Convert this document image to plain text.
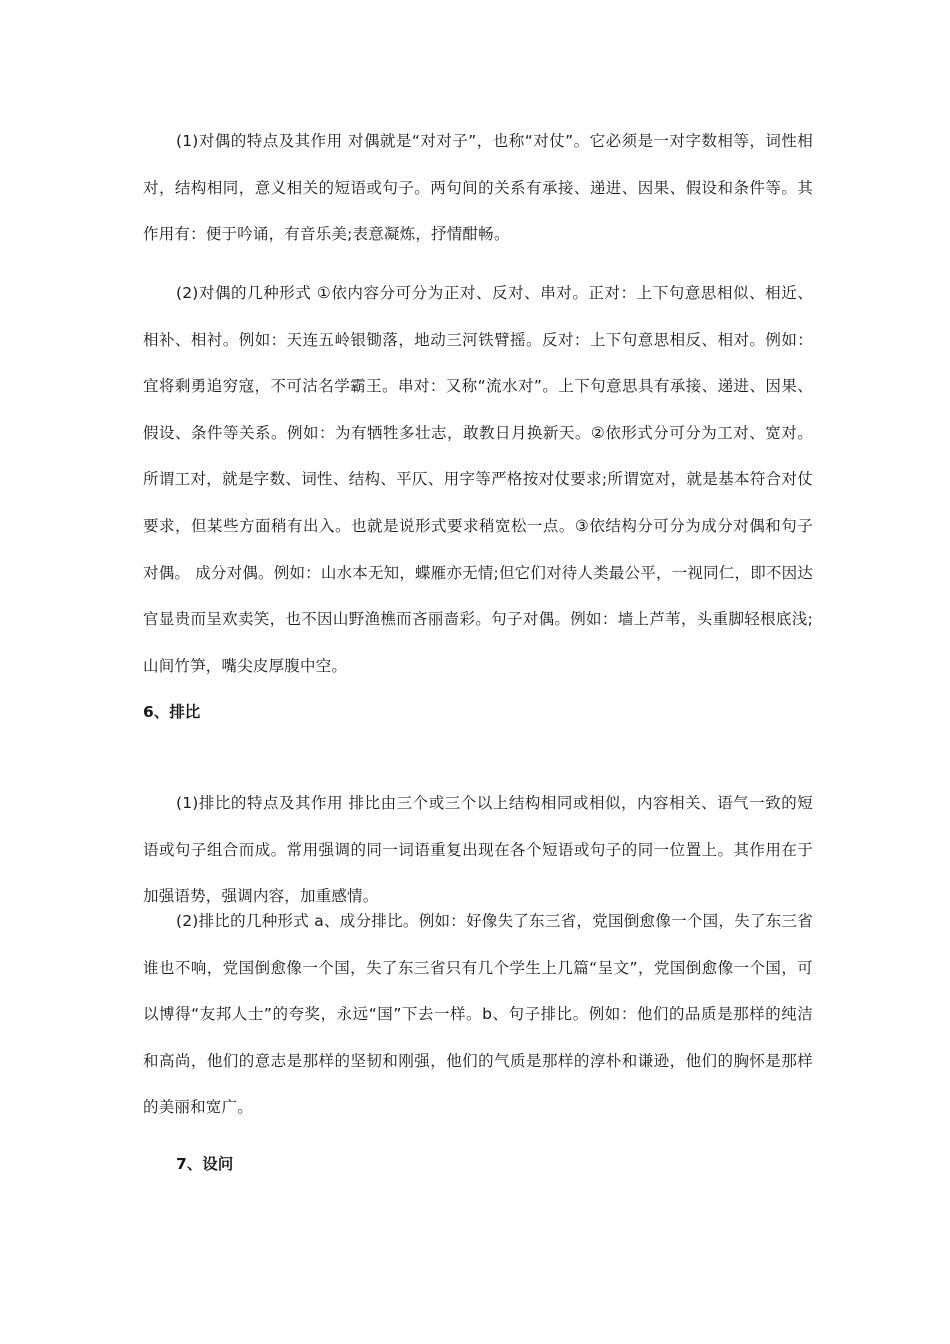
(1)对偶的特点及其作用 对偶就是“对对子”，也称“对仗”。它必须是一对字数相等，词性相对，结构相同，意义相关的短语或句子。两句间的关系有承接、递进、因果、假设和条件等。其作用有：便于吟诵，有音乐美;表意凝炼，抒情酣畅。

(2)对偶的几种形式 ①依内容分可分为正对、反对、串对。正对：上下句意思相似、相近、相补、相衬。例如：天连五岭银锄落，地动三河铁臂摇。反对：上下句意思相反、相对。例如：宜将剩勇追穷寇，不可沽名学霸王。串对：又称“流水对”。上下句意思具有承接、递进、因果、假设、条件等关系。例如：为有牺牲多壮志，敢教日月换新天。②依形式分可分为工对、宽对。所谓工对，就是字数、词性、结构、平仄、用字等严格按对仗要求;所谓宽对，就是基本符合对仗要求，但某些方面稍有出入。也就是说形式要求稍宽松一点。③依结构分可分为成分对偶和句子对偶。 成分对偶。例如：山水本无知，蝶雁亦无情;但它们对待人类最公平，一视同仁，即不因达官显贵而呈欢卖笑，也不因山野渔樵而吝丽啬彩。句子对偶。例如：墙上芦苇，头重脚轻根底浅;山间竹笋，嘴尖皮厚腹中空。

6、排比

(1)排比的特点及其作用 排比由三个或三个以上结构相同或相似，内容相关、语气一致的短语或句子组合而成。常用强调的同一词语重复出现在各个短语或句子的同一位置上。其作用在于加强语势，强调内容，加重感情。

(2)排比的几种形式 a、成分排比。例如：好像失了东三省，党国倒愈像一个国，失了东三省谁也不响，党国倒愈像一个国，失了东三省只有几个学生上几篇“呈文”，党国倒愈像一个国，可以博得“友邦人士”的夸奖，永远“国”下去一样。b、句子排比。例如：他们的品质是那样的纯洁和高尚，他们的意志是那样的坚韧和刚强，他们的气质是那样的淳朴和谦逊，他们的胸怀是那样的美丽和宽广。

7、设问
